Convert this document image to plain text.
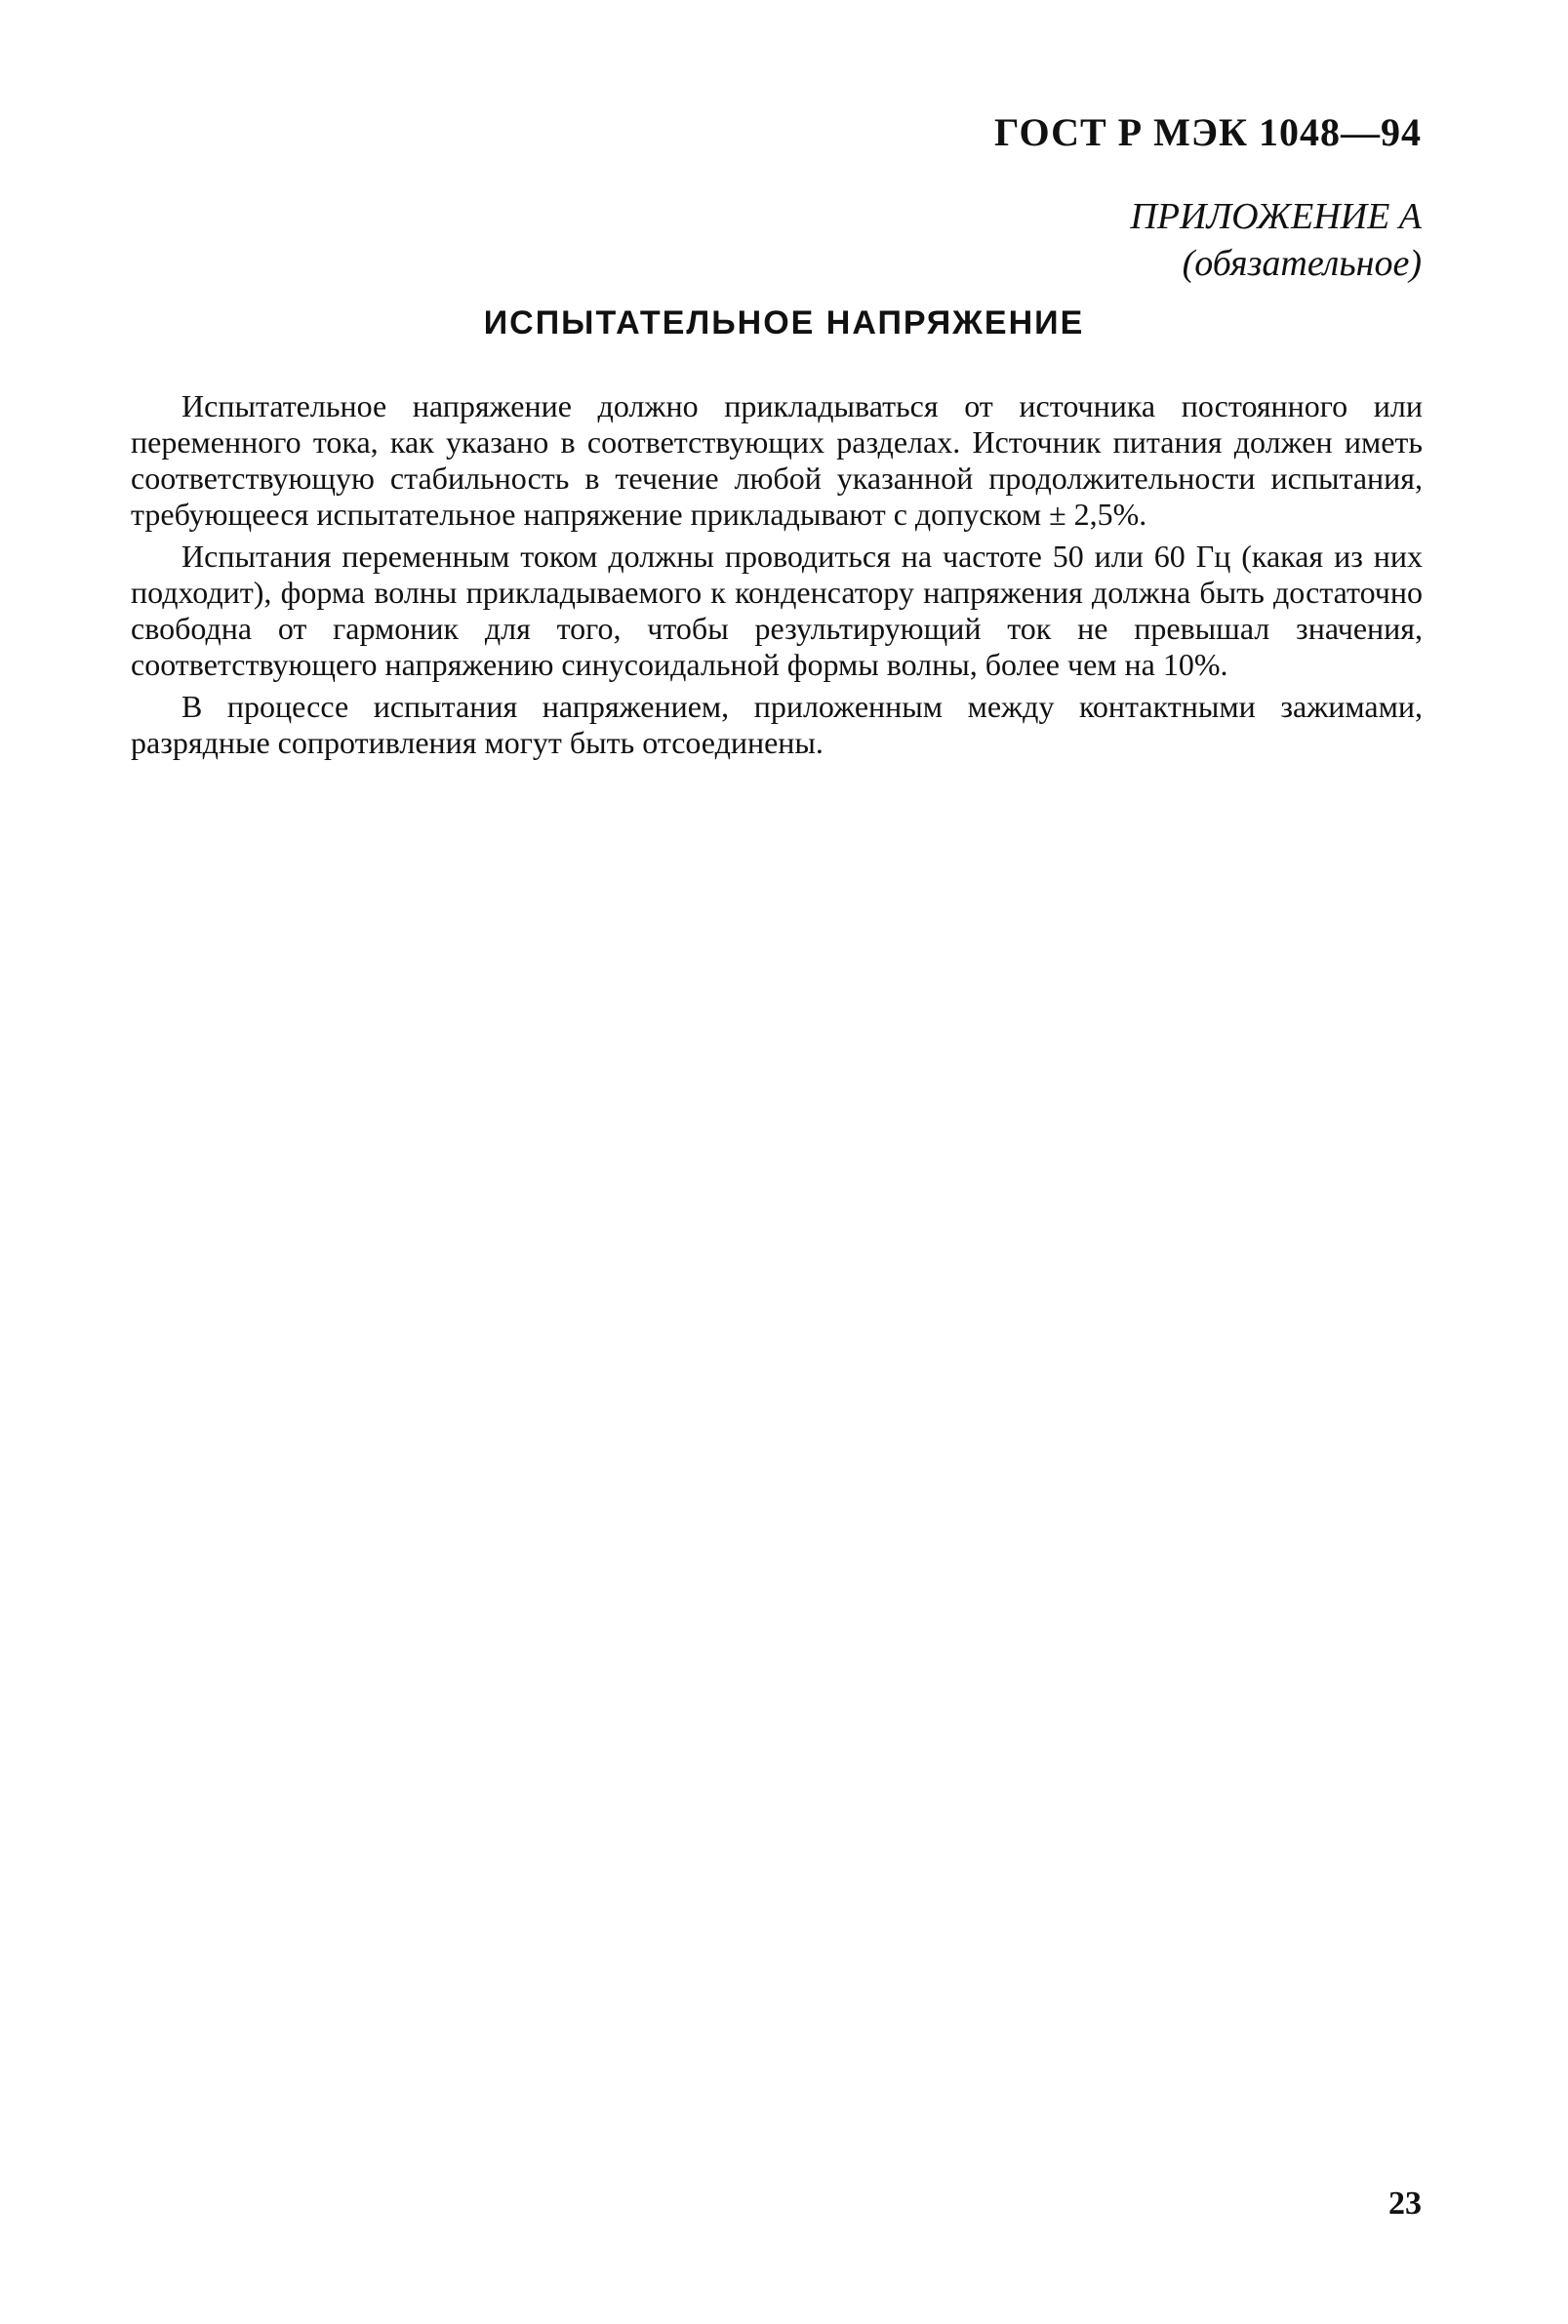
ГОСТ Р МЭК 1048—94
ПРИЛОЖЕНИЕ А
(обязательное)
ИСПЫТАТЕЛЬНОЕ НАПРЯЖЕНИЕ

Испытательное напряжение должно прикладываться от источника постоянного или переменного тока, как указано в соответствующих разделах. Источник питания должен иметь соответствующую стабильность в течение любой указанной продолжительности испытания, требующееся испытательное напряжение прикладывают с допуском ± 2,5%.

Испытания переменным током должны проводиться на частоте 50 или 60 Гц (какая из них подходит), форма волны прикладываемого к конденсатору напряжения должна быть достаточно свободна от гармоник для того, чтобы результирующий ток не превышал значения, соответствующего напряжению синусоидальной формы волны, более чем на 10%.

В процессе испытания напряжением, приложенным между контактными зажимами, разрядные сопротивления могут быть отсоединены.

23
